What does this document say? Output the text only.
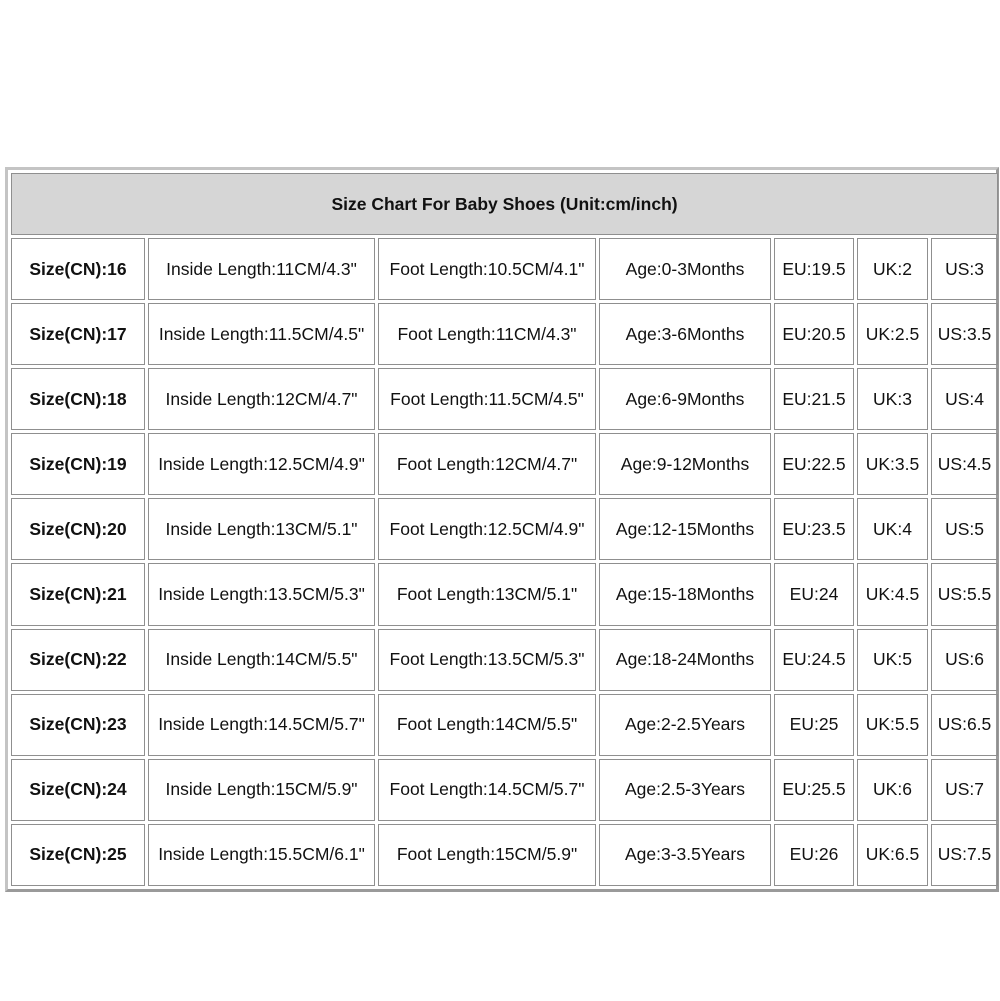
Size Chart For Baby Shoes (Unit:cm/inch)						
Size(CN):16	Inside Length:11CM/4.3"	Foot Length:10.5CM/4.1"	Age:0-3Months	EU:19.5	UK:2	US:3
Size(CN):17	Inside Length:11.5CM/4.5"	Foot Length:11CM/4.3"	Age:3-6Months	EU:20.5	UK:2.5	US:3.5
Size(CN):18	Inside Length:12CM/4.7"	Foot Length:11.5CM/4.5"	Age:6-9Months	EU:21.5	UK:3	US:4
Size(CN):19	Inside Length:12.5CM/4.9"	Foot Length:12CM/4.7"	Age:9-12Months	EU:22.5	UK:3.5	US:4.5
Size(CN):20	Inside Length:13CM/5.1"	Foot Length:12.5CM/4.9"	Age:12-15Months	EU:23.5	UK:4	US:5
Size(CN):21	Inside Length:13.5CM/5.3"	Foot Length:13CM/5.1"	Age:15-18Months	EU:24	UK:4.5	US:5.5
Size(CN):22	Inside Length:14CM/5.5"	Foot Length:13.5CM/5.3"	Age:18-24Months	EU:24.5	UK:5	US:6
Size(CN):23	Inside Length:14.5CM/5.7"	Foot Length:14CM/5.5"	Age:2-2.5Years	EU:25	UK:5.5	US:6.5
Size(CN):24	Inside Length:15CM/5.9"	Foot Length:14.5CM/5.7"	Age:2.5-3Years	EU:25.5	UK:6	US:7
Size(CN):25	Inside Length:15.5CM/6.1"	Foot Length:15CM/5.9"	Age:3-3.5Years	EU:26	UK:6.5	US:7.5
